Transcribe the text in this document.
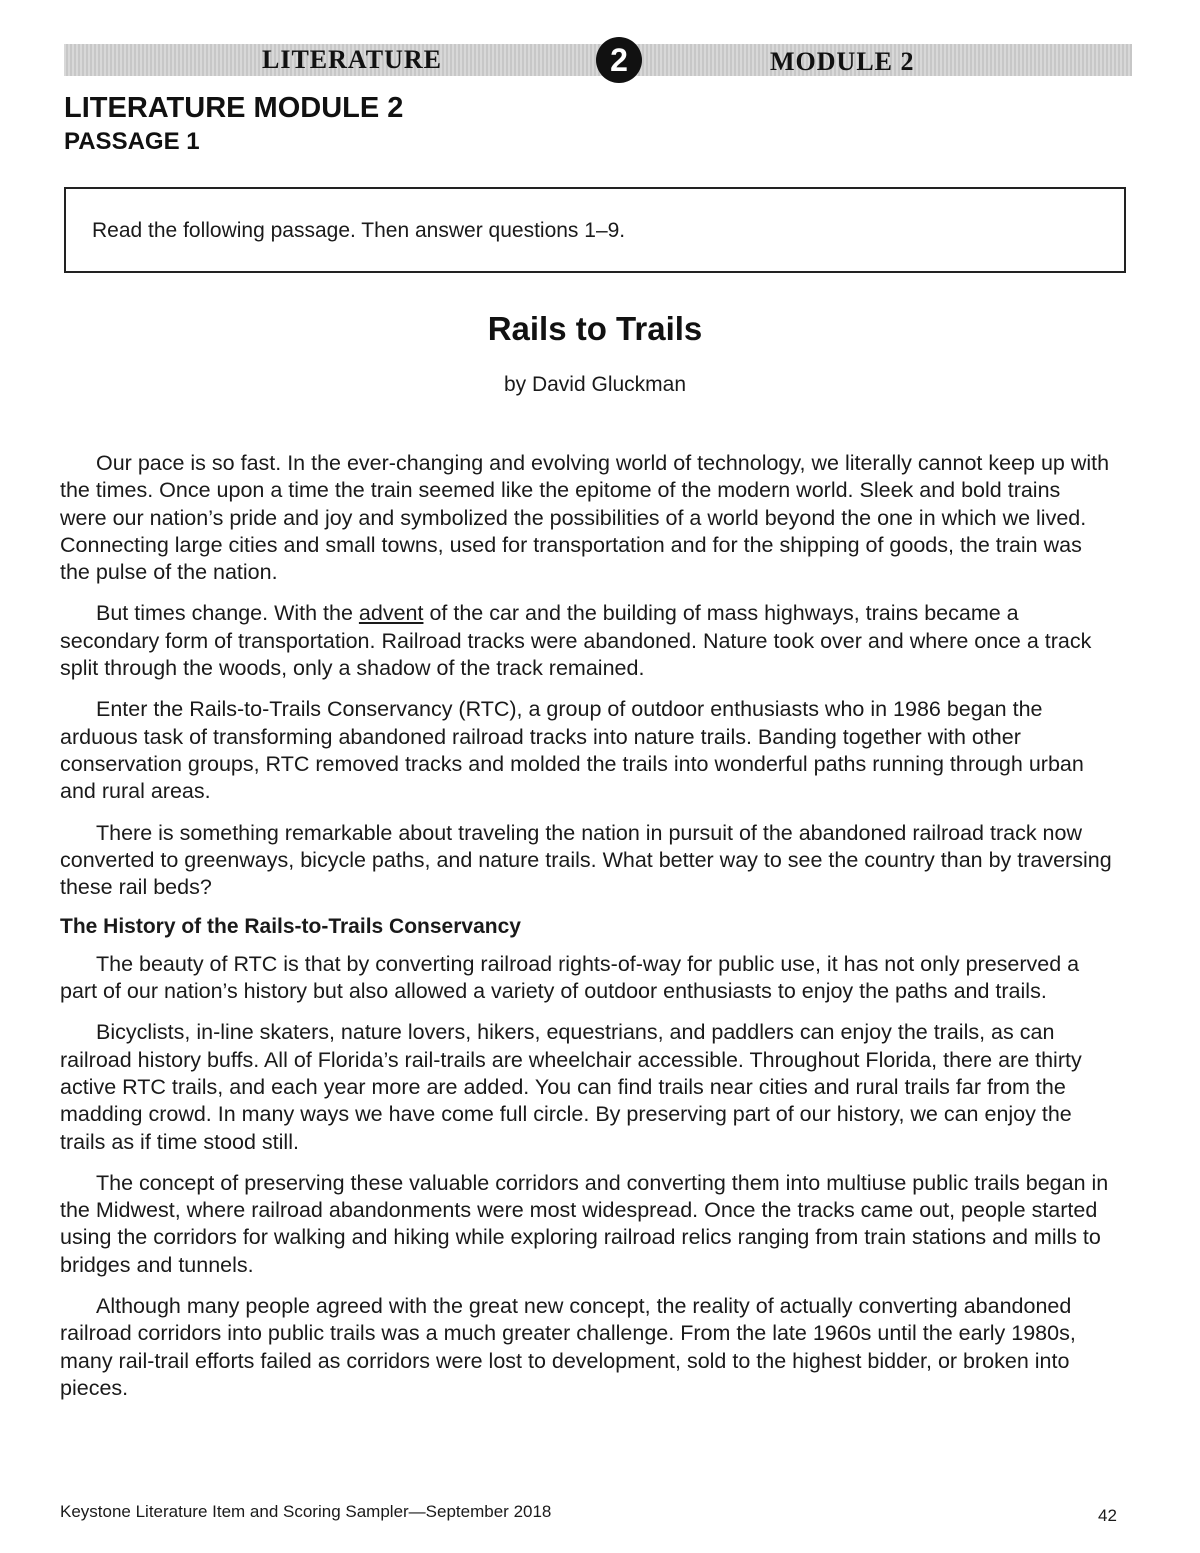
LITERATURE	2	MODULE 2
LITERATURE MODULE 2
PASSAGE 1
Read the following passage. Then answer questions 1–9.
Rails to Trails
by David Gluckman

Our pace is so fast. In the ever-changing and evolving world of technology, we literally cannot keep up with the times. Once upon a time the train seemed like the epitome of the modern world. Sleek and bold trains were our nation’s pride and joy and symbolized the possibilities of a world beyond the one in which we lived. Connecting large cities and small towns, used for transportation and for the shipping of goods, the train was the pulse of the nation.

But times change. With the advent of the car and the building of mass highways, trains became a secondary form of transportation. Railroad tracks were abandoned. Nature took over and where once a track split through the woods, only a shadow of the track remained.

Enter the Rails-to-Trails Conservancy (RTC), a group of outdoor enthusiasts who in 1986 began the arduous task of transforming abandoned railroad tracks into nature trails. Banding together with other conservation groups, RTC removed tracks and molded the trails into wonderful paths running through urban and rural areas.

There is something remarkable about traveling the nation in pursuit of the abandoned railroad track now converted to greenways, bicycle paths, and nature trails. What better way to see the country than by traversing these rail beds?

The History of the Rails-to-Trails Conservancy

The beauty of RTC is that by converting railroad rights-of-way for public use, it has not only preserved a part of our nation’s history but also allowed a variety of outdoor enthusiasts to enjoy the paths and trails.

Bicyclists, in-line skaters, nature lovers, hikers, equestrians, and paddlers can enjoy the trails, as can railroad history buffs. All of Florida’s rail-trails are wheelchair accessible. Throughout Florida, there are thirty active RTC trails, and each year more are added. You can find trails near cities and rural trails far from the madding crowd. In many ways we have come full circle. By preserving part of our history, we can enjoy the trails as if time stood still.

The concept of preserving these valuable corridors and converting them into multiuse public trails began in the Midwest, where railroad abandonments were most widespread. Once the tracks came out, people started using the corridors for walking and hiking while exploring railroad relics ranging from train stations and mills to bridges and tunnels.

Although many people agreed with the great new concept, the reality of actually converting abandoned railroad corridors into public trails was a much greater challenge. From the late 1960s until the early 1980s, many rail-trail efforts failed as corridors were lost to development, sold to the highest bidder, or broken into pieces.

Keystone Literature Item and Scoring Sampler—September 2018	42
